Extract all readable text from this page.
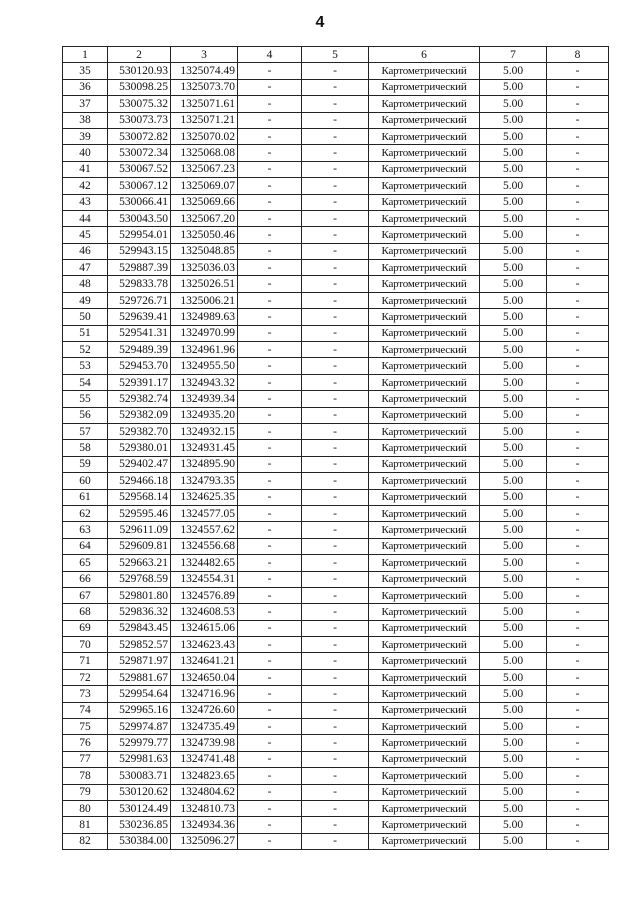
4
1	2	3	4	5	6	7	8
35	530120.93	1325074.49	-	-	Картометрический	5.00	-
36	530098.25	1325073.70	-	-	Картометрический	5.00	-
37	530075.32	1325071.61	-	-	Картометрический	5.00	-
38	530073.73	1325071.21	-	-	Картометрический	5.00	-
39	530072.82	1325070.02	-	-	Картометрический	5.00	-
40	530072.34	1325068.08	-	-	Картометрический	5.00	-
41	530067.52	1325067.23	-	-	Картометрический	5.00	-
42	530067.12	1325069.07	-	-	Картометрический	5.00	-
43	530066.41	1325069.66	-	-	Картометрический	5.00	-
44	530043.50	1325067.20	-	-	Картометрический	5.00	-
45	529954.01	1325050.46	-	-	Картометрический	5.00	-
46	529943.15	1325048.85	-	-	Картометрический	5.00	-
47	529887.39	1325036.03	-	-	Картометрический	5.00	-
48	529833.78	1325026.51	-	-	Картометрический	5.00	-
49	529726.71	1325006.21	-	-	Картометрический	5.00	-
50	529639.41	1324989.63	-	-	Картометрический	5.00	-
51	529541.31	1324970.99	-	-	Картометрический	5.00	-
52	529489.39	1324961.96	-	-	Картометрический	5.00	-
53	529453.70	1324955.50	-	-	Картометрический	5.00	-
54	529391.17	1324943.32	-	-	Картометрический	5.00	-
55	529382.74	1324939.34	-	-	Картометрический	5.00	-
56	529382.09	1324935.20	-	-	Картометрический	5.00	-
57	529382.70	1324932.15	-	-	Картометрический	5.00	-
58	529380.01	1324931.45	-	-	Картометрический	5.00	-
59	529402.47	1324895.90	-	-	Картометрический	5.00	-
60	529466.18	1324793.35	-	-	Картометрический	5.00	-
61	529568.14	1324625.35	-	-	Картометрический	5.00	-
62	529595.46	1324577.05	-	-	Картометрический	5.00	-
63	529611.09	1324557.62	-	-	Картометрический	5.00	-
64	529609.81	1324556.68	-	-	Картометрический	5.00	-
65	529663.21	1324482.65	-	-	Картометрический	5.00	-
66	529768.59	1324554.31	-	-	Картометрический	5.00	-
67	529801.80	1324576.89	-	-	Картометрический	5.00	-
68	529836.32	1324608.53	-	-	Картометрический	5.00	-
69	529843.45	1324615.06	-	-	Картометрический	5.00	-
70	529852.57	1324623.43	-	-	Картометрический	5.00	-
71	529871.97	1324641.21	-	-	Картометрический	5.00	-
72	529881.67	1324650.04	-	-	Картометрический	5.00	-
73	529954.64	1324716.96	-	-	Картометрический	5.00	-
74	529965.16	1324726.60	-	-	Картометрический	5.00	-
75	529974.87	1324735.49	-	-	Картометрический	5.00	-
76	529979.77	1324739.98	-	-	Картометрический	5.00	-
77	529981.63	1324741.48	-	-	Картометрический	5.00	-
78	530083.71	1324823.65	-	-	Картометрический	5.00	-
79	530120.62	1324804.62	-	-	Картометрический	5.00	-
80	530124.49	1324810.73	-	-	Картометрический	5.00	-
81	530236.85	1324934.36	-	-	Картометрический	5.00	-
82	530384.00	1325096.27	-	-	Картометрический	5.00	-
